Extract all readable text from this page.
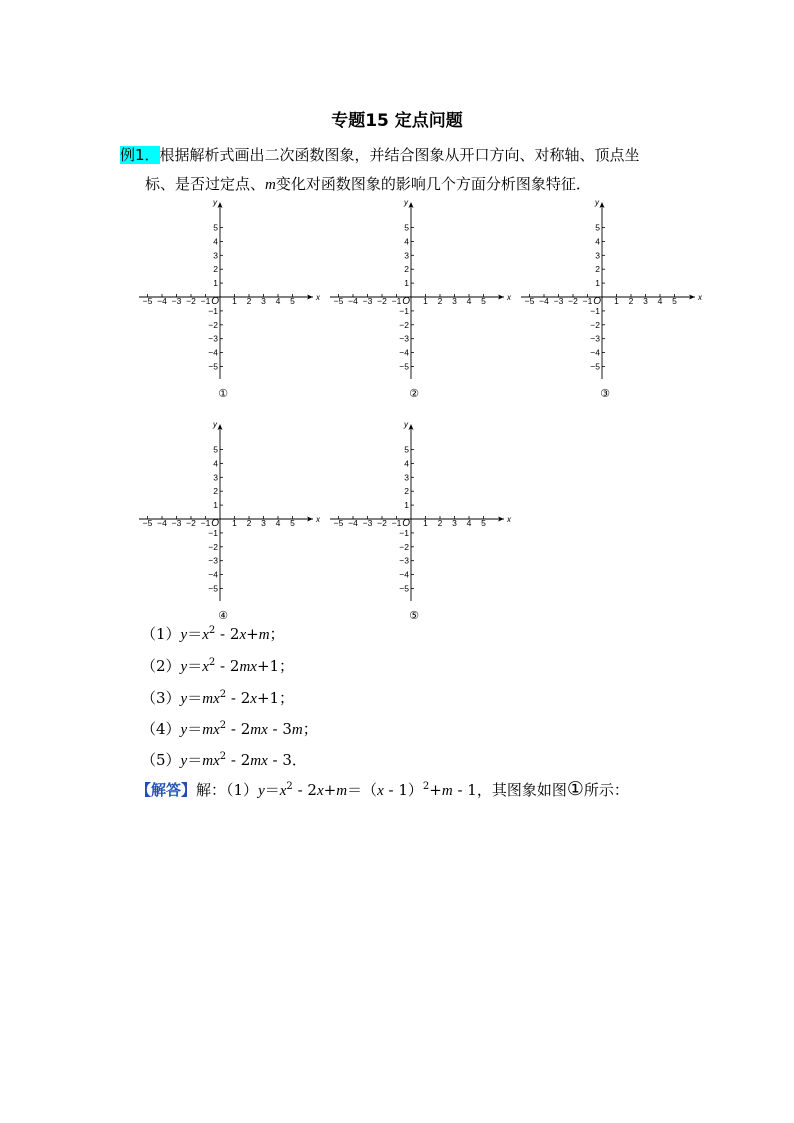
专题15 定点问题
例1．根据解析式画出二次函数图象，并结合图象从开口方向、对称轴、顶点坐
标、是否过定点、m变化对函数图象的影响几个方面分析图象特征．
x
y
O
−5 −4 −3 −2 −1	1 2 3 4 5
5
4
3
2
1
−1
−2
−3
−4
−5
①
x
y
O
−5 −4 −3 −2 −1	1 2 3 4 5
5
4
3
2
1
−1
−2
−3
−4
−5
②
x
y
O
−5 −4 −3 −2 −1	1 2 3 4 5
5
4
3
2
1
−1
−2
−3
−4
−5
③
x
y
O
−5 −4 −3 −2 −1	1 2 3 4 5
5
4
3
2
1
−1
−2
−3
−4
−5
④
x
y
O
−5 −4 −3 −2 −1	1 2 3 4 5
5
4
3
2
1
−1
−2
−3
−4
−5
⑤
$(1)y=x^2 - 2x+m$；
$(2)y=x^2 - 2mx+1$；
$(3)y=mx^2 - 2x+1$；
$(4)y=mx^2 - 2mx - 3m$；
$(5)y=mx^2 - 2mx - 3$．
【解答】解：$(1)y=x^2 - 2x+m=(x - 1)^2+m - 1$，其图象如图①所示：
